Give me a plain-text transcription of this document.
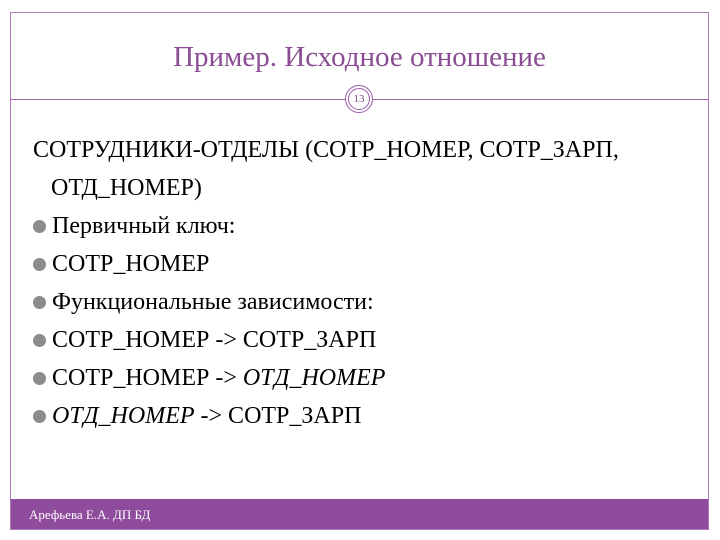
Пример. Исходное отношение
13

СОТРУДНИКИ-ОТДЕЛЫ (СОТР_НОМЕР, СОТР_ЗАРП, ОТД_НОМЕР)

Первичный ключ:
СОТР_НОМЕР
Функциональные зависимости:
СОТР_НОМЕР -> СОТР_ЗАРП
СОТР_НОМЕР -> ОТД_НОМЕР
ОТД_НОМЕР -> СОТР_ЗАРП
Арефьева Е.А. ДП БД
